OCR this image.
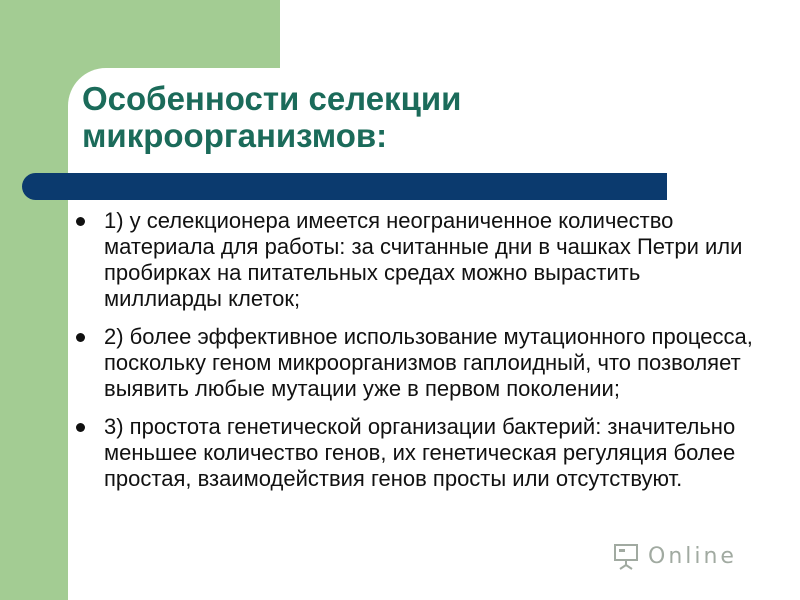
Особенности селекции
микроорганизмов:
1) у селекционера имеется неограниченное количество материала для работы: за считанные дни в чашках Петри или пробирках на питательных средах можно вырастить миллиарды клеток;
2) более эффективное использование мутационного процесса, поскольку геном микроорганизмов гаплоидный, что позволяет выявить любые мутации уже в первом поколении;
3) простота генетической организации бактерий: значительно меньшее количество генов, их генетическая регуляция более простая, взаимодействия генов просты или отсутствуют.
Online
